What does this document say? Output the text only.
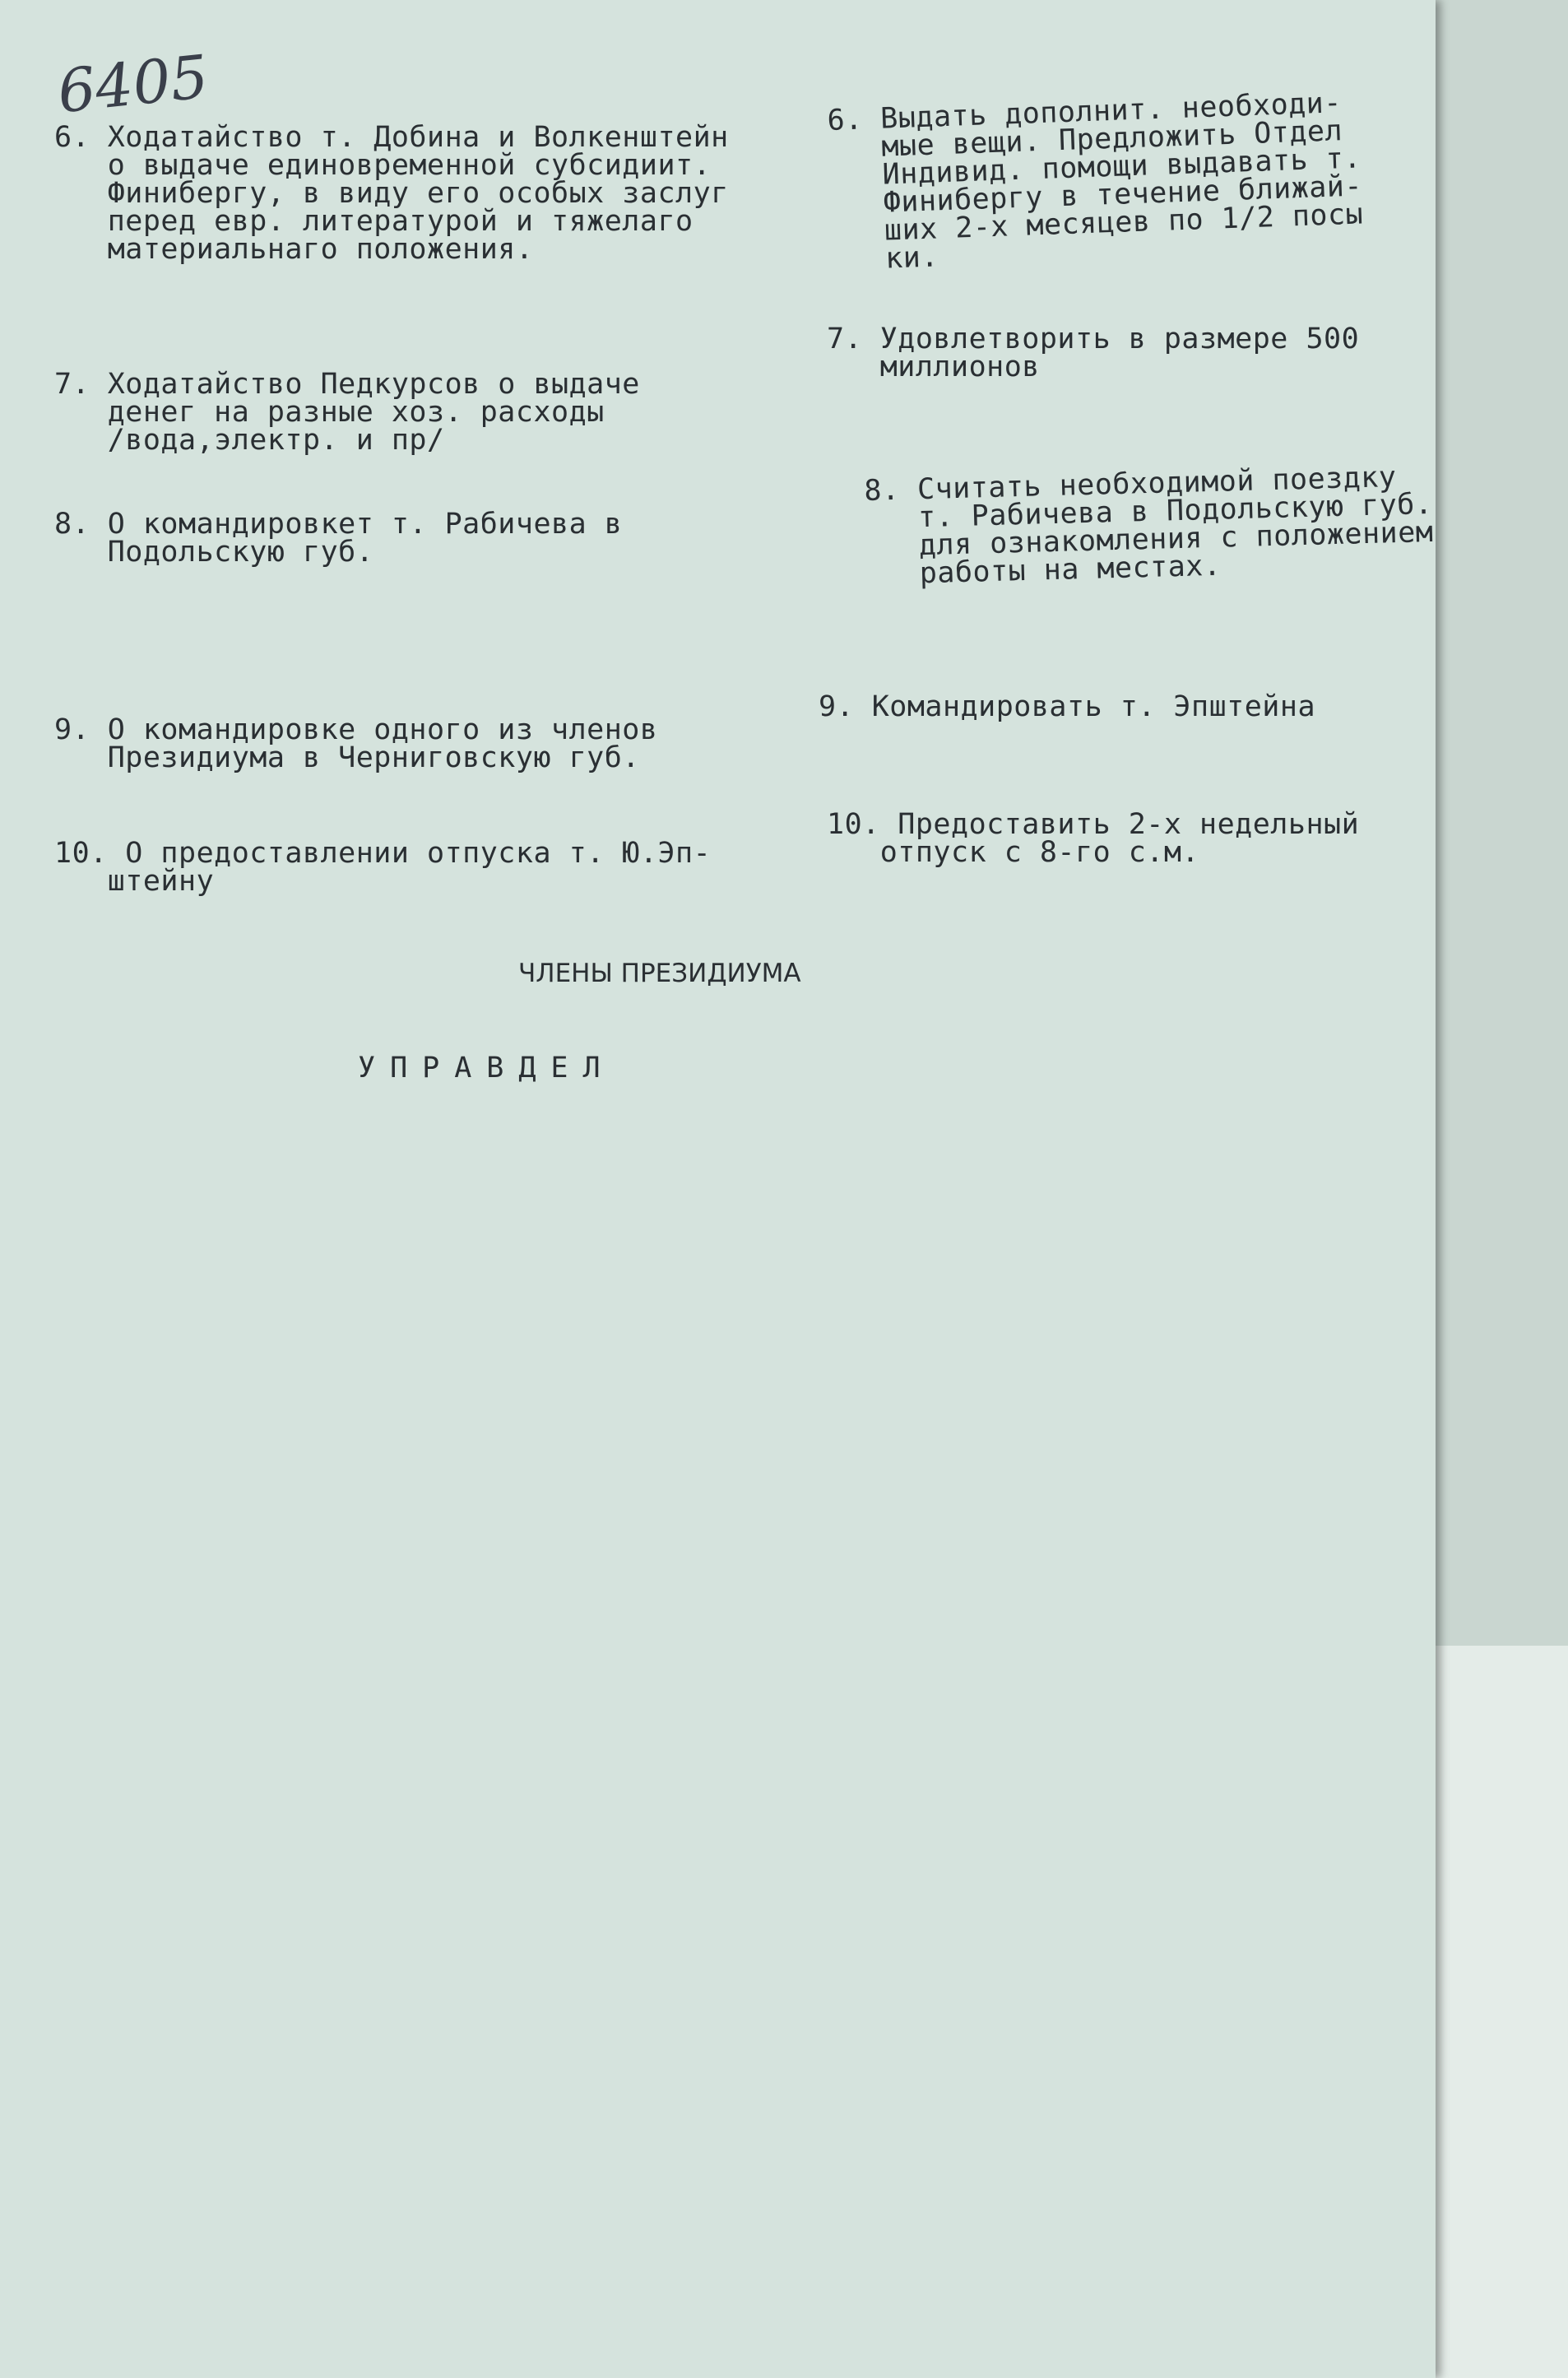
6405
6. Ходатайство т. Добина и Волкенштейн
о выдаче единовременной субсидиит.
Финибергу, в виду его особых заслуг
перед евр. литературой и тяжелаго
материальнаго положения.
7. Ходатайство Педкурсов о выдаче
денег на разные хоз. расходы
/вода,электр. и пр/
8. О командировкет т. Рабичева в
Подольскую губ.
9. О командировке одного из членов
Президиума в Черниговскую губ.
10. О предоставлении отпуска т. Ю.Эп-
штейну
6. Выдать дополнит. необходи-
мые вещи. Предложить Отдел
Индивид. помощи выдавать т.
Финибергу в течение ближай-
ших 2-х месяцев по 1/2 посы
ки.
7. Удовлетворить в размере 500
миллионов
8. Считать необходимой поездку
т. Рабичева в Подольскую губ.
для ознакомления с положением
работы на местах.
9. Командировать т. Эпштейна
10. Предоставить 2-х недельный
отпуск с 8-го с.м.
ЧЛЕНЫ ПРЕЗИДИУМА
УПРАВДЕЛ
